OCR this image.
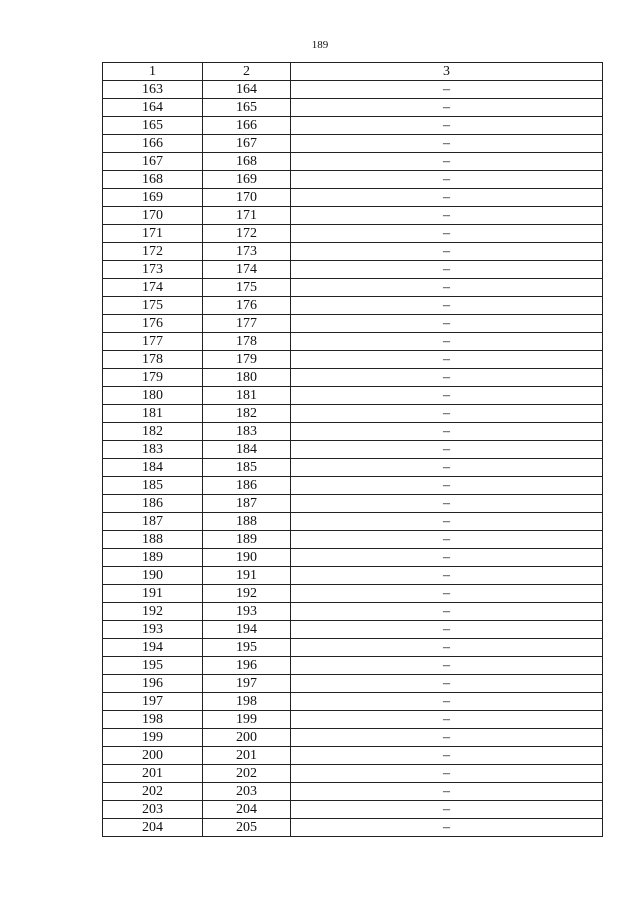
189
1	2	3
163	164	–
164	165	–
165	166	–
166	167	–
167	168	–
168	169	–
169	170	–
170	171	–
171	172	–
172	173	–
173	174	–
174	175	–
175	176	–
176	177	–
177	178	–
178	179	–
179	180	–
180	181	–
181	182	–
182	183	–
183	184	–
184	185	–
185	186	–
186	187	–
187	188	–
188	189	–
189	190	–
190	191	–
191	192	–
192	193	–
193	194	–
194	195	–
195	196	–
196	197	–
197	198	–
198	199	–
199	200	–
200	201	–
201	202	–
202	203	–
203	204	–
204	205	–
